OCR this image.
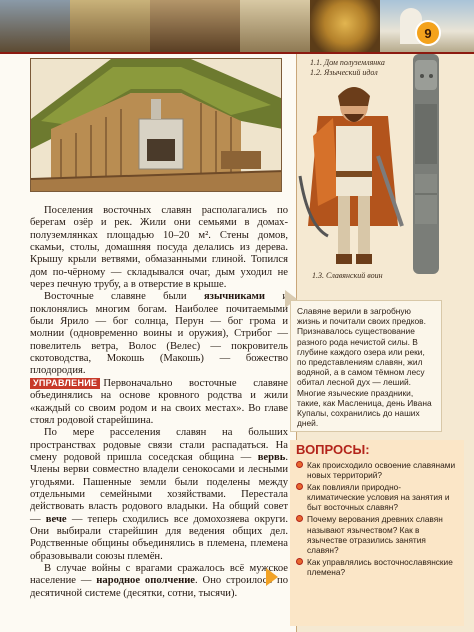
9
1.1. Дом полуземлянка
1.2. Языческий идол
1.3. Славянский воин

Поселения восточных славян располагались по берегам озёр и рек. Жили они семьями в домах-полуземлянках площадью 10–20 м². Стены домов, скамьи, столы, домашняя посуда делались из дерева. Крышу крыли ветвями, обмазанными глиной. Топился дом по-чёрному — складывался очаг, дым уходил не через печную трубу, а в отверстие в крыше.

Восточные славяне были язычниками и поклонялись многим богам. Наиболее почитаемыми были Ярило — бог солнца, Перун — бог грома и молнии (одновременно воины и оружия), Стрибог — повелитель ветра, Волос (Велес) — покровитель скотоводства, Мокошь (Макошь) — божество плодородия.

УПРАВЛЕНИЕ Первоначально восточные славяне объединялись на основе кровного родства и жили «каждый со своим родом и на своих местах». Во главе стоял родовой старейшина.

По мере расселения славян на больших пространствах родовые связи стали распадаться. На смену родовой пришла соседская община — вервь. Члены верви совместно владели сенокосами и лесными угодьями. Пашенные земли были поделены между отдельными семейными хозяйствами. Перестала действовать власть родового владыки. На общий совет — вече — теперь сходились все домохозяева округи. Они выбирали старейшин для ведения общих дел. Родственные общины объединялись в племена, племена образовывали союзы племён.

В случае войны с врагами сражалось всё мужское население — народное ополчение. Оно строилось по десятичной системе (десятки, сотни, тысячи).

Славяне верили в загробную жизнь и почитали своих предков. Признавалось существование разного рода нечистой силы. В глубине каждого озера или реки, по представлениям славян, жил водяной, а в самом тёмном лесу обитал лесной дух — леший. Многие языческие праздники, такие, как Масленица, день Ивана Купалы, сохранились до наших дней.
ВОПРОСЫ:
Как происходило освоение славянами новых территорий?
Как повлияли природно-климатические условия на занятия и быт восточных славян?
Почему верования древних славян называют язычеством? Как в язычестве отразились занятия славян?
Как управлялись восточнославянские племена?
